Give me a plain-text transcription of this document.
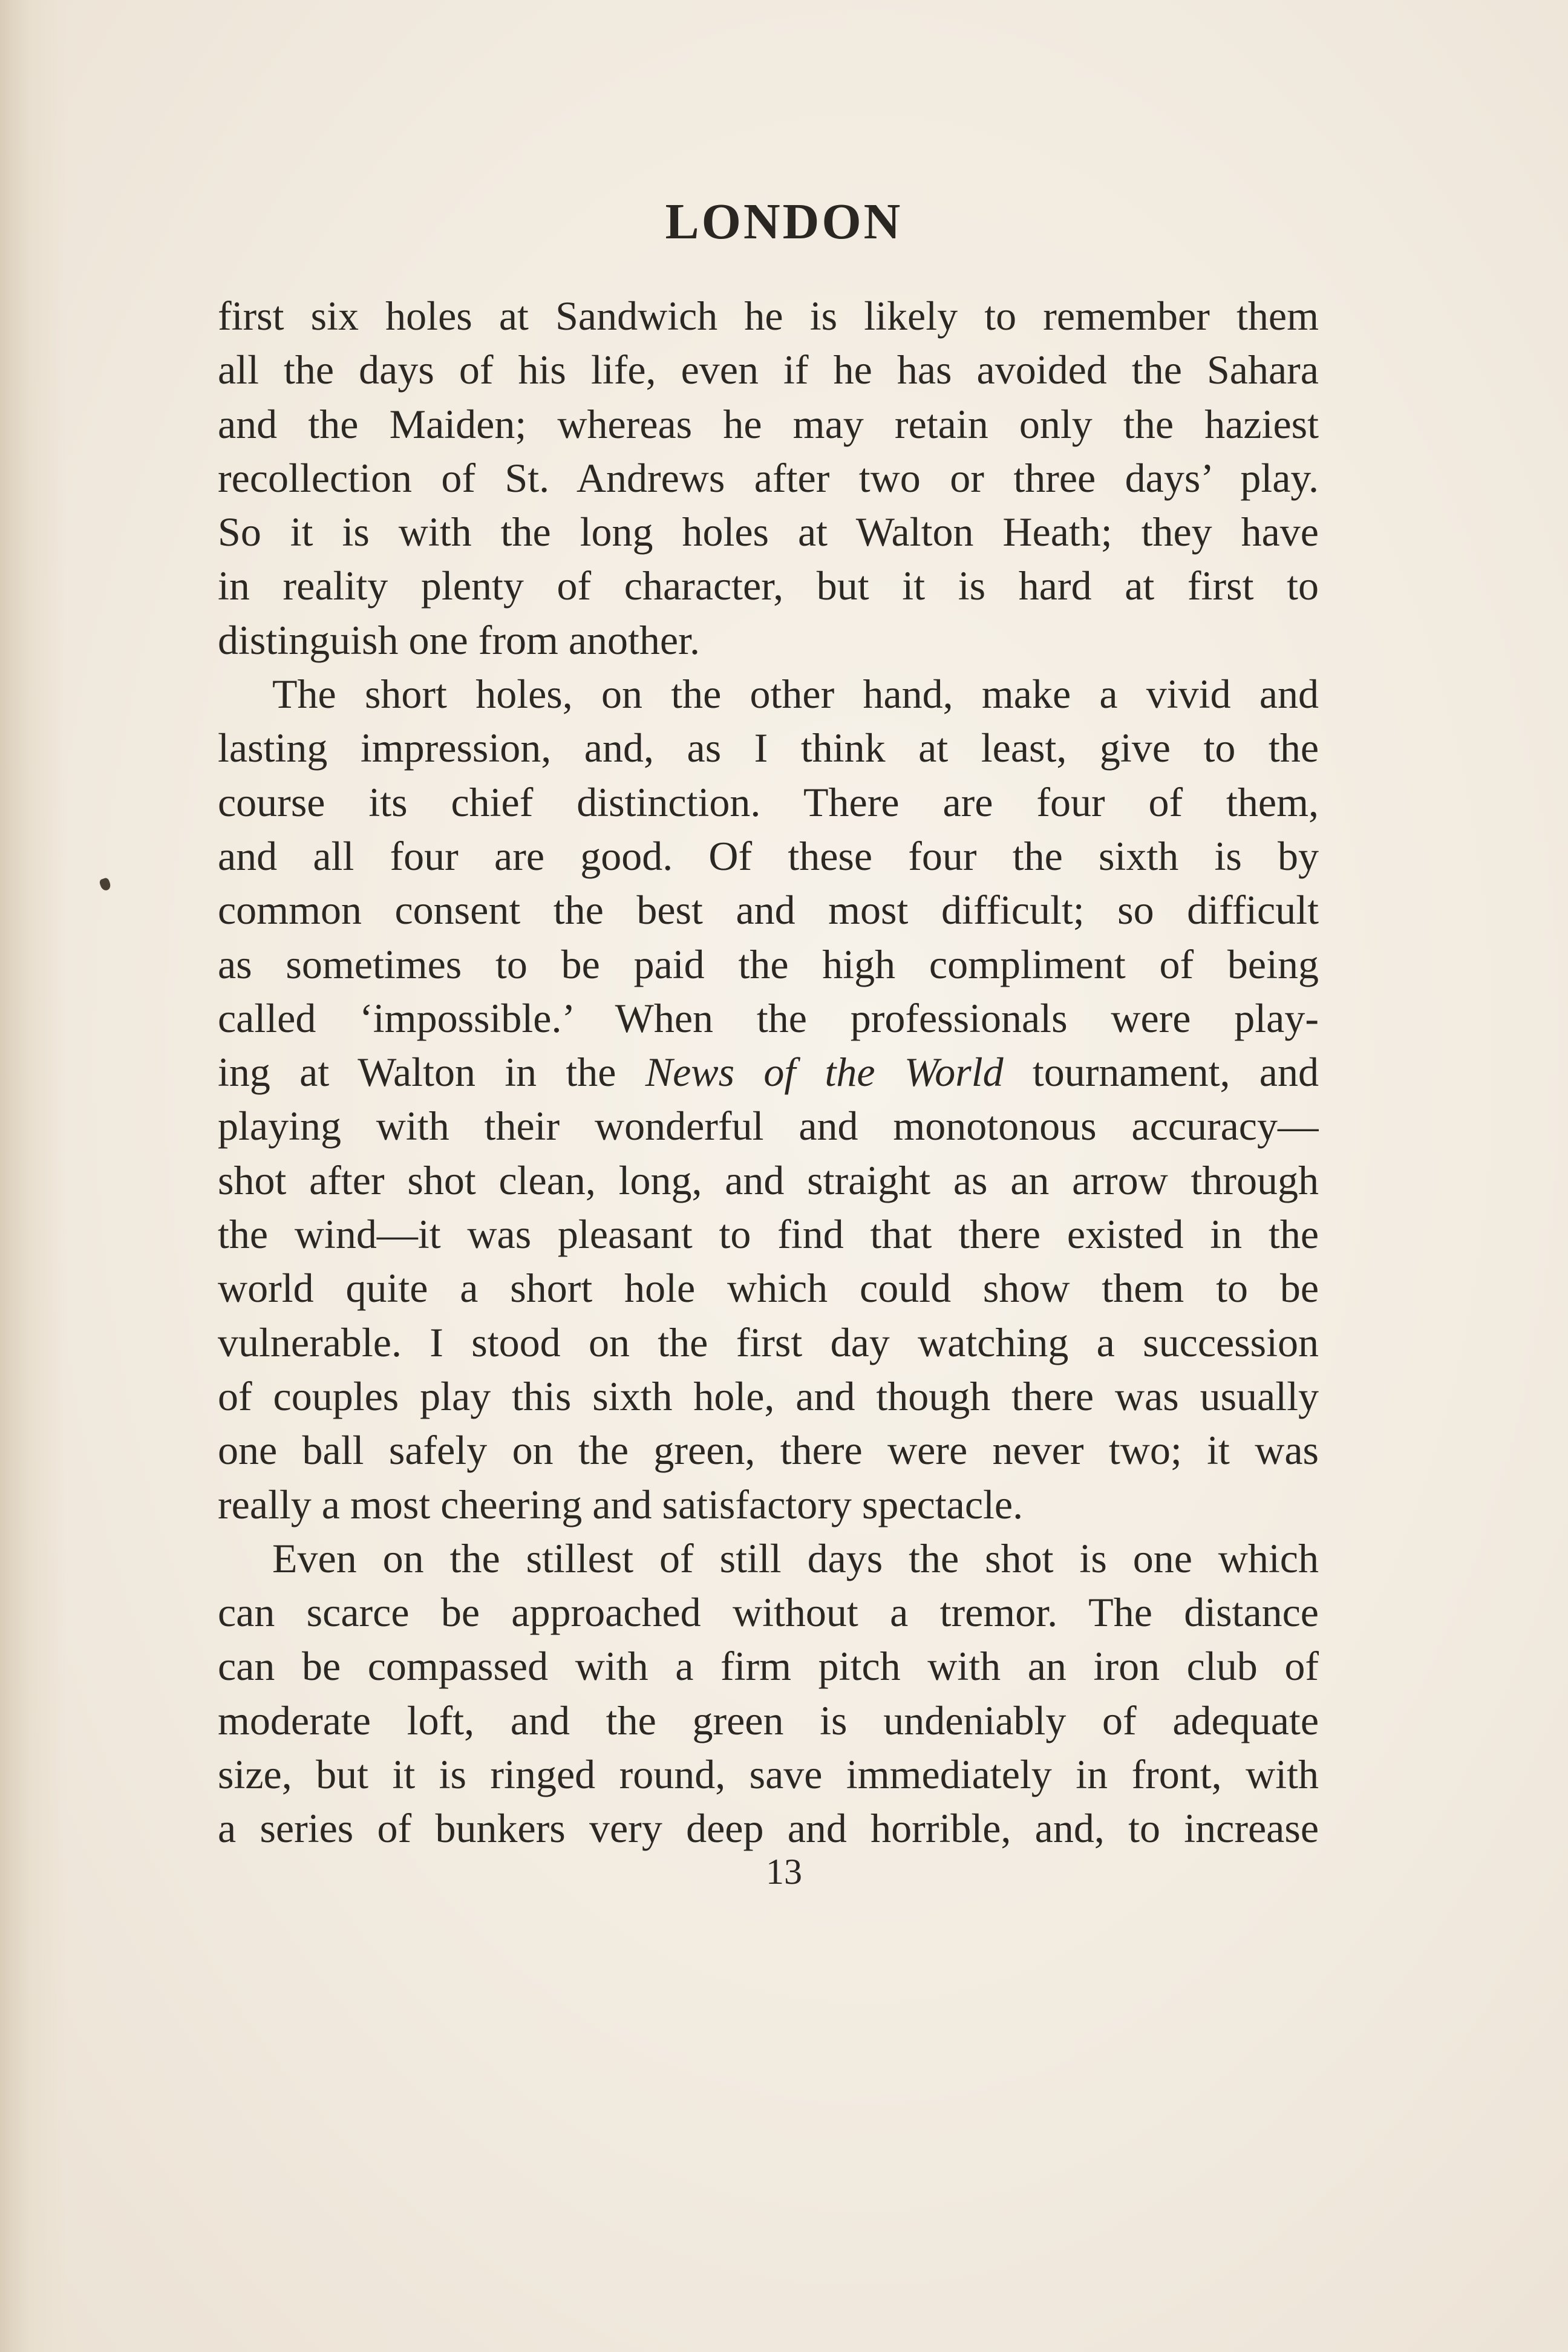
LONDON
first six holes at Sandwich he is likely to remember them
all the days of his life, even if he has avoided the Sahara
and the Maiden; whereas he may retain only the haziest
recollection of St. Andrews after two or three days’ play.
So it is with the long holes at Walton Heath; they have
in reality plenty of character, but it is hard at first to
distinguish one from another.
The short holes, on the other hand, make a vivid and
lasting impression, and, as I think at least, give to the
course its chief distinction. There are four of them,
and all four are good. Of these four the sixth is by
common consent the best and most difficult; so difficult
as sometimes to be paid the high compliment of being
called ‘impossible.’ When the professionals were play-
ing at Walton in the News of the World tournament, and
playing with their wonderful and monotonous accuracy—
shot after shot clean, long, and straight as an arrow through
the wind—it was pleasant to find that there existed in the
world quite a short hole which could show them to be
vulnerable. I stood on the first day watching a succession
of couples play this sixth hole, and though there was usually
one ball safely on the green, there were never two; it was
really a most cheering and satisfactory spectacle.
Even on the stillest of still days the shot is one which
can scarce be approached without a tremor. The distance
can be compassed with a firm pitch with an iron club of
moderate loft, and the green is undeniably of adequate
size, but it is ringed round, save immediately in front, with
a series of bunkers very deep and horrible, and, to increase
13
